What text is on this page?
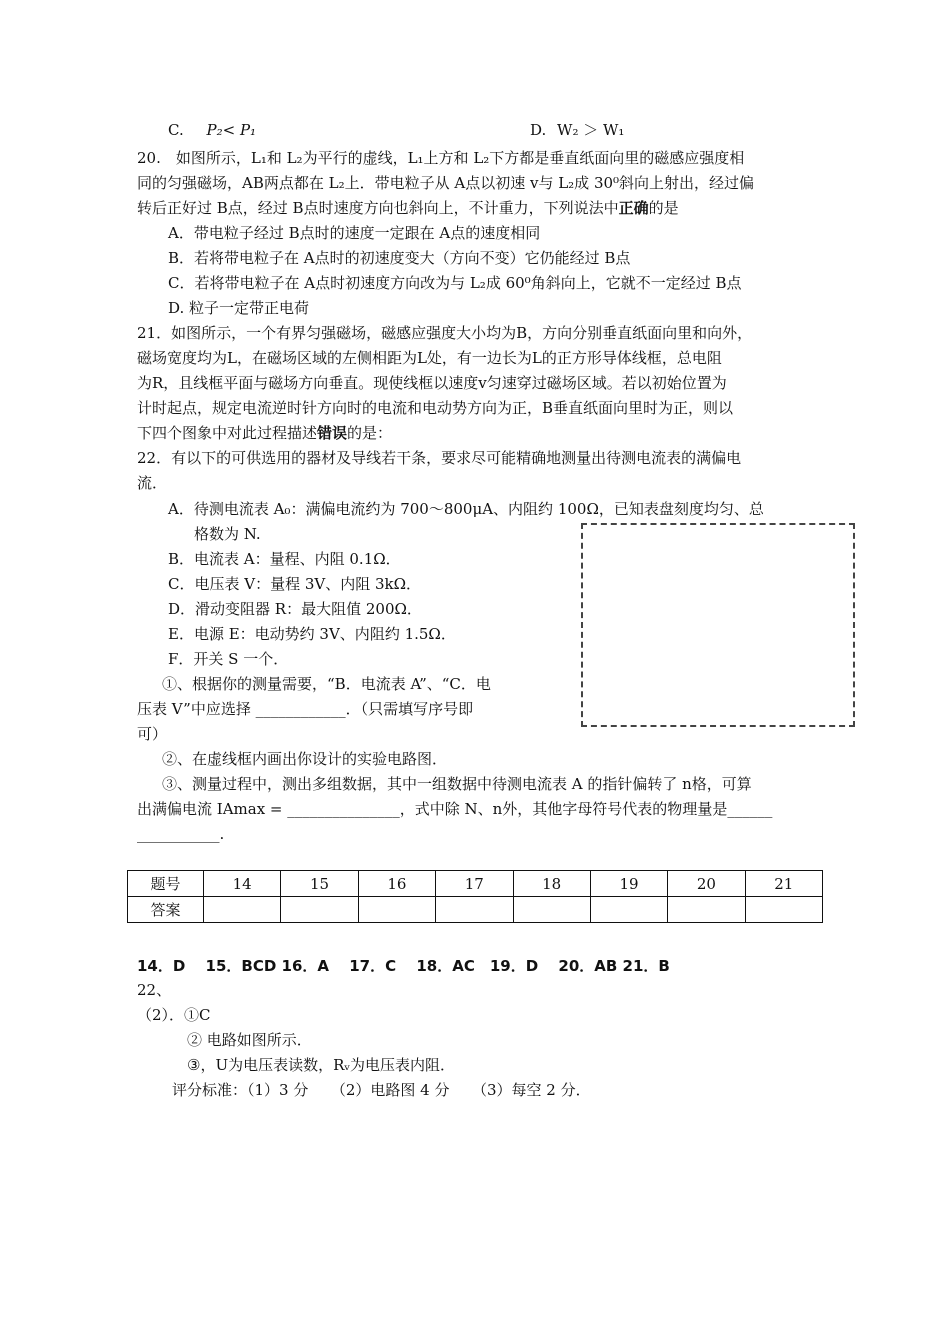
C. P₂< P₁	D. W₂ ＞ W₁
20.　如图所示，L₁和 L₂为平行的虚线，L₁上方和 L₂下方都是垂直纸面向里的磁感应强度相
同的匀强磁场，AB两点都在 L₂上．带电粒子从 A点以初速 v与 L₂成 30⁰斜向上射出，经过偏
转后正好过 B点，经过 B点时速度方向也斜向上，不计重力，下列说法中正确的是
A．带电粒子经过 B点时的速度一定跟在 A点的速度相同
B．若将带电粒子在 A点时的初速度变大（方向不变）它仍能经过 B点
C．若将带电粒子在 A点时初速度方向改为与 L₂成 60⁰角斜向上，它就不一定经过 B点
D. 粒子一定带正电荷
21．如图所示，一个有界匀强磁场，磁感应强度大小均为B，方向分别垂直纸面向里和向外，
磁场宽度均为L，在磁场区域的左侧相距为L处，有一边长为L的正方形导体线框，总电阻
为R，且线框平面与磁场方向垂直。现使线框以速度v匀速穿过磁场区域。若以初始位置为
计时起点，规定电流逆时针方向时的电流和电动势方向为正，B垂直纸面向里时为正，则以
下四个图象中对此过程描述错误的是：
22．有以下的可供选用的器材及导线若干条，要求尽可能精确地测量出待测电流表的满偏电
流．
A．待测电流表 A₀：满偏电流约为 700～800μA、内阻约 100Ω，已知表盘刻度均匀、总
格数为 N.
B．电流表 A：量程、内阻 0.1Ω．
C．电压表 V：量程 3V、内阻 3kΩ．
D．滑动变阻器 R：最大阻值 200Ω．
E．电源 E：电动势约 3V、内阻约 1.5Ω．
F．开关 S 一个．
①、根据你的测量需要，“B．电流表 A”、“C．电
压表 V”中应选择 ____________．（只需填写序号即
可）
②、在虚线框内画出你设计的实验电路图．
③、测量过程中，测出多组数据，其中一组数据中待测电流表 A 的指针偏转了 n格，可算
出满偏电流 IAmax = _______________，式中除 N、n外，其他字母符号代表的物理量是______
___________.
题号	14	15	16	17	18	19	20	21
答案								
14．D　 15．BCD 16．A　 17．C　 18．AC　19．D　 20．AB 21．B
22、
（2）．①C
② 电路如图所示．
③，U为电压表读数，Rᵥ为电压表内阻．
评分标准：（1）3 分　　（2）电路图 4 分　　（3）每空 2 分．
